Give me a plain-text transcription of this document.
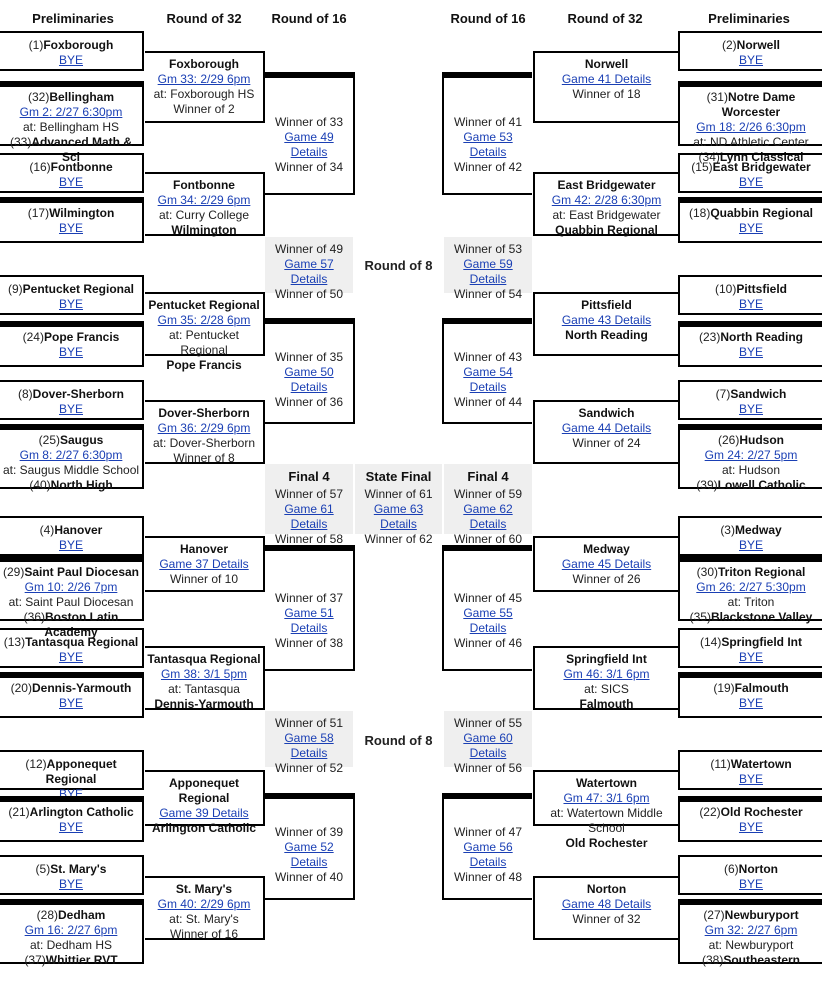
Preliminaries	Round of 32	Round of 16	Round of 16	Round of 32	Preliminaries
Round of 8
Round of 8
(1)Foxborough
BYE
(32)Bellingham
Gm 2: 2/27 6:30pm
at: Bellingham HS
(33)Advanced Math & Sci
(16)Fontbonne
BYE
(17)Wilmington
BYE
(9)Pentucket Regional
BYE
(24)Pope Francis
BYE
(8)Dover-Sherborn
BYE
(25)Saugus
Gm 8: 2/27 6:30pm
at: Saugus Middle School
(40)North High
(4)Hanover
BYE
(29)Saint Paul Diocesan
Gm 10: 2/26 7pm
at: Saint Paul Diocesan
(36)Boston Latin Academy
(13)Tantasqua Regional
BYE
(20)Dennis-Yarmouth
BYE
(12)Apponequet Regional
BYE
(21)Arlington Catholic
BYE
(5)St. Mary's
BYE
(28)Dedham
Gm 16: 2/27 6pm
at: Dedham HS
(37)Whittier RVT
(2)Norwell
BYE
(31)Notre Dame Worcester
Gm 18: 2/26 6:30pm
at: ND Athletic Center
(34)Lynn Classical
(15)East Bridgewater
BYE
(18)Quabbin Regional
BYE
(10)Pittsfield
BYE
(23)North Reading
BYE
(7)Sandwich
BYE
(26)Hudson
Gm 24: 2/27 5pm
at: Hudson
(39)Lowell Catholic
(3)Medway
BYE
(30)Triton Regional
Gm 26: 2/27 5:30pm
at: Triton
(35)Blackstone Valley
(14)Springfield Int
BYE
(19)Falmouth
BYE
(11)Watertown
BYE
(22)Old Rochester
BYE
(6)Norton
BYE
(27)Newburyport
Gm 32: 2/27 6pm
at: Newburyport
(38)Southeastern
Foxborough
Gm 33: 2/29 6pm
at: Foxborough HS
Winner of 2
Fontbonne
Gm 34: 2/29 6pm
at: Curry College
Wilmington
Pentucket Regional
Gm 35: 2/28 6pm
at: Pentucket Regional
Pope Francis
Dover-Sherborn
Gm 36: 2/29 6pm
at: Dover-Sherborn
Winner of 8
Hanover
Game 37 Details
Winner of 10
Tantasqua Regional
Gm 38: 3/1 5pm
at: Tantasqua
Dennis-Yarmouth
Apponequet Regional
Game 39 Details
Arlington Catholic
St. Mary's
Gm 40: 2/29 6pm
at: St. Mary's
Winner of 16
Norwell
Game 41 Details
Winner of 18
East Bridgewater
Gm 42: 2/28 6:30pm
at: East Bridgewater
Quabbin Regional
Pittsfield
Game 43 Details
North Reading
Sandwich
Game 44 Details
Winner of 24
Medway
Game 45 Details
Winner of 26
Springfield Int
Gm 46: 3/1 6pm
at: SICS
Falmouth
Watertown
Gm 47: 3/1 6pm
at: Watertown Middle School
Old Rochester
Norton
Game 48 Details
Winner of 32
Winner of 33
Game 49 Details
Winner of 34
Winner of 35
Game 50 Details
Winner of 36
Winner of 37
Game 51 Details
Winner of 38
Winner of 39
Game 52 Details
Winner of 40
Winner of 41
Game 53 Details
Winner of 42
Winner of 43
Game 54 Details
Winner of 44
Winner of 45
Game 55 Details
Winner of 46
Winner of 47
Game 56 Details
Winner of 48
Winner of 49
Game 57 Details
Winner of 50
Winner of 51
Game 58 Details
Winner of 52
Winner of 53
Game 59 Details
Winner of 54
Winner of 55
Game 60 Details
Winner of 56
Final 4
Winner of 57
Game 61 Details
Winner of 58
State Final
Winner of 61
Game 63 Details
Winner of 62
Final 4
Winner of 59
Game 62 Details
Winner of 60
